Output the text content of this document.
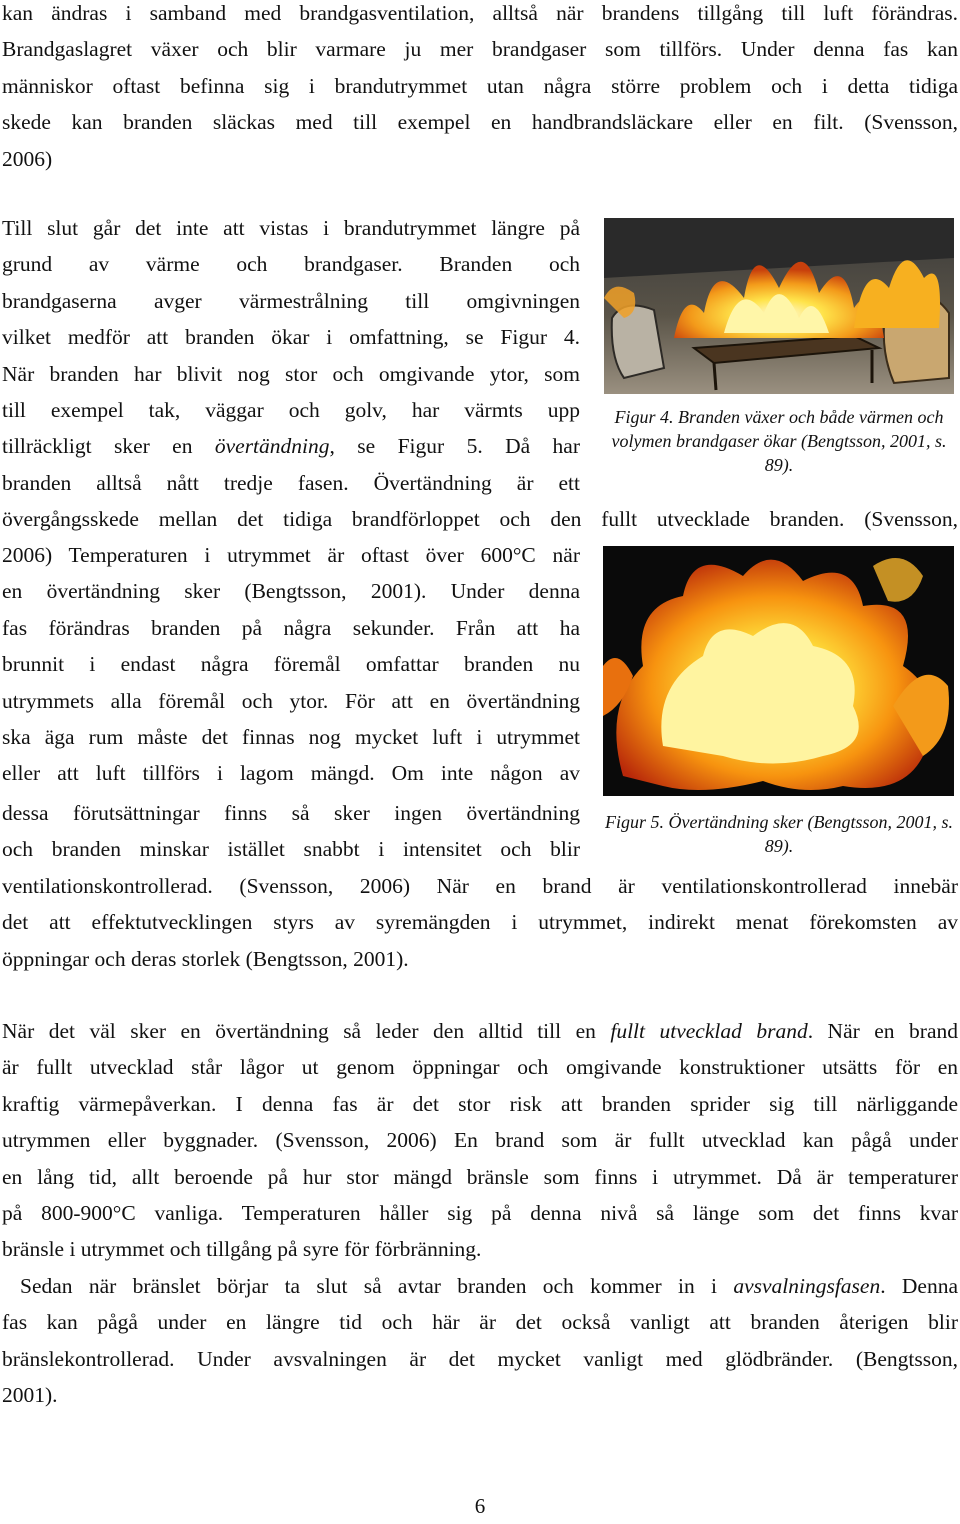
kan ändras i samband med brandgasventilation, alltså när brandens tillgång till luft förändras.
Brandgaslagret växer och blir varmare ju mer brandgaser som tillförs. Under denna fas kan
människor oftast befinna sig i brandutrymmet utan några större problem och i detta tidiga
skede kan branden släckas med till exempel en handbrandsläckare eller en filt. (Svensson,
2006)
Till slut går det inte att vistas i brandutrymmet längre på
grund av värme och brandgaser. Branden och
brandgaserna avger värmestrålning till omgivningen
vilket medför att branden ökar i omfattning, se Figur 4.
När branden har blivit nog stor och omgivande ytor, som
till exempel tak, väggar och golv, har värmts upp
tillräckligt sker en övertändning, se Figur 5. Då har
branden alltså nått tredje fasen. Övertändning är ett
övergångsskede mellan det tidiga brandförloppet och den fullt utvecklade branden. (Svensson,
2006) Temperaturen i utrymmet är oftast över 600°C när
en övertändning sker (Bengtsson, 2001). Under denna
fas förändras branden på några sekunder. Från att ha
brunnit i endast några föremål omfattar branden nu
utrymmets alla föremål och ytor. För att en övertändning
ska äga rum måste det finnas nog mycket luft i utrymmet
eller att luft tillförs i lagom mängd. Om inte någon av
dessa förutsättningar finns så sker ingen övertändning
och branden minskar istället snabbt i intensitet och blir
ventilationskontrollerad. (Svensson, 2006) När en brand är ventilationskontrollerad innebär
det att effektutvecklingen styrs av syremängden i utrymmet, indirekt menat förekomsten av
öppningar och deras storlek (Bengtsson, 2001).
När det väl sker en övertändning så leder den alltid till en fullt utvecklad brand. När en brand
är fullt utvecklad står lågor ut genom öppningar och omgivande konstruktioner utsätts för en
kraftig värmepåverkan. I denna fas är det stor risk att branden sprider sig till närliggande
utrymmen eller byggnader. (Svensson, 2006) En brand som är fullt utvecklad kan pågå under
en lång tid, allt beroende på hur stor mängd bränsle som finns i utrymmet. Då är temperaturer
på 800-900°C vanliga. Temperaturen håller sig på denna nivå så länge som det finns kvar
bränsle i utrymmet och tillgång på syre för förbränning.
Sedan när bränslet börjar ta slut så avtar branden och kommer in i avsvalningsfasen. Denna
fas kan pågå under en längre tid och här är det också vanligt att branden återigen blir
bränslekontrollerad. Under avsvalningen är det mycket vanligt med glödbränder. (Bengtsson,
2001).
Figur 4. Branden växer och både värmen och volymen brandgaser ökar (Bengtsson, 2001, s. 89).
Figur 5. Övertändning sker (Bengtsson, 2001, s. 89).
6
